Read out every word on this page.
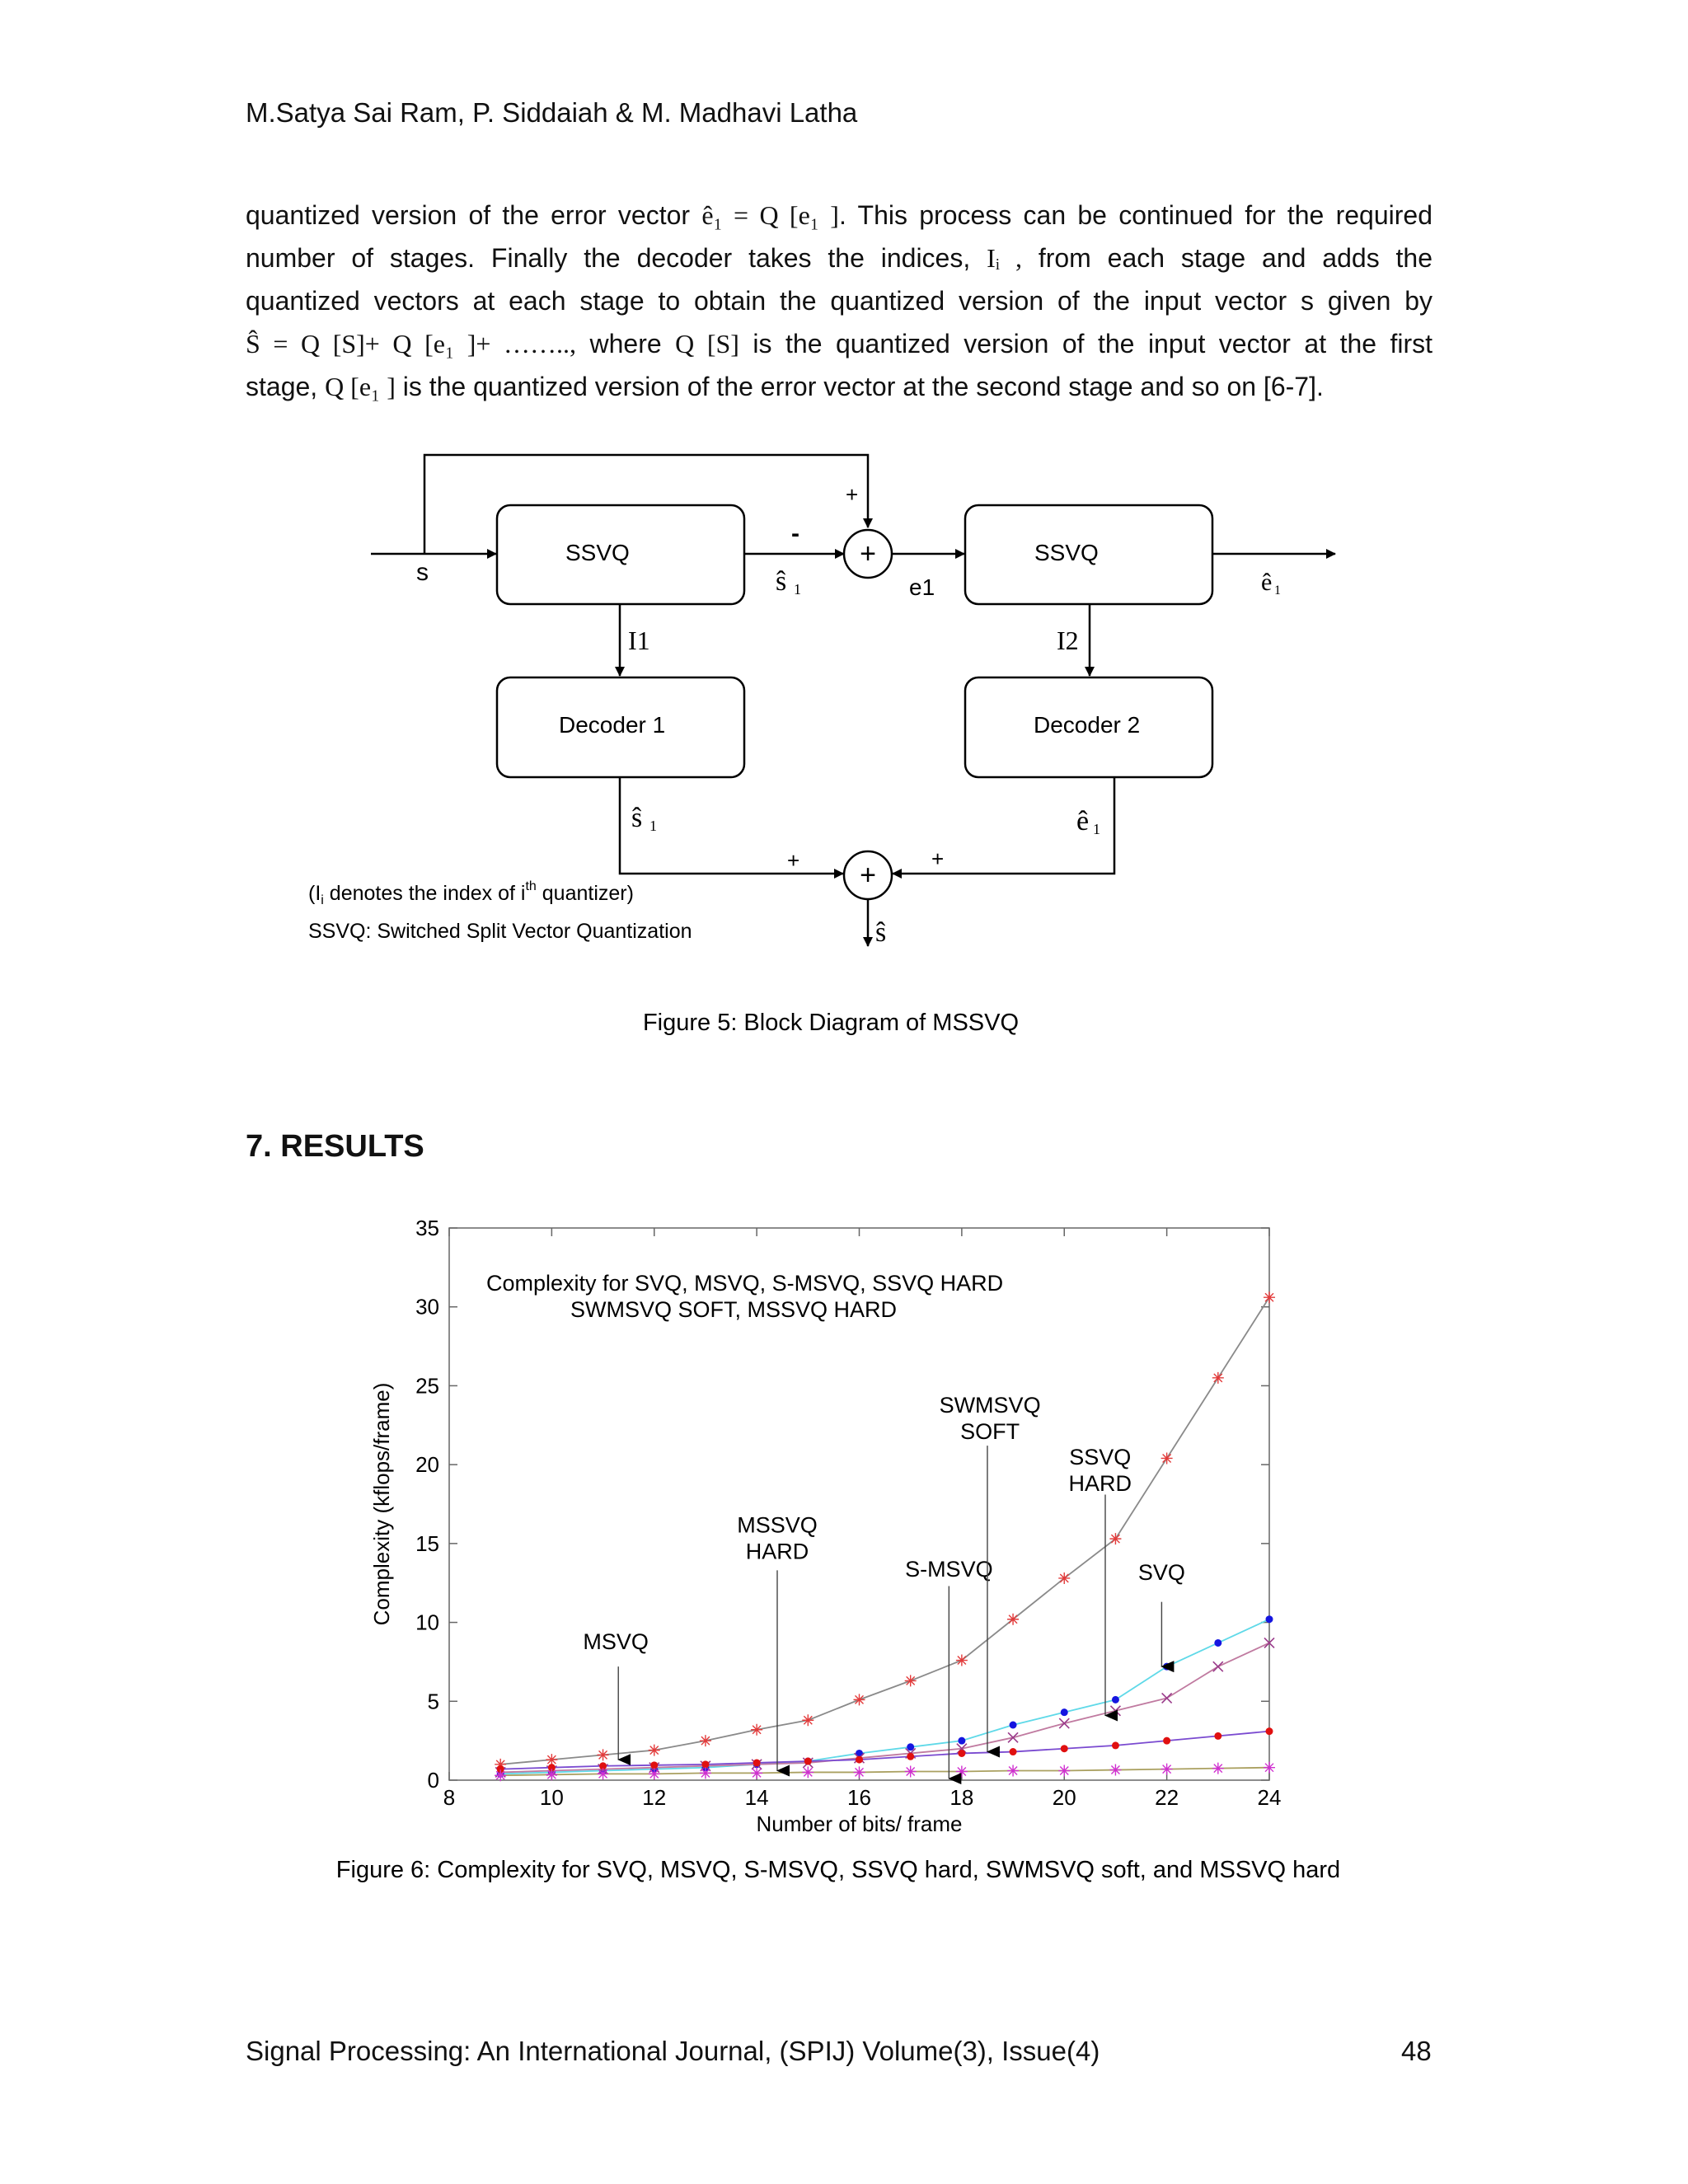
M.Satya Sai Ram, P. Siddaiah & M. Madhavi Latha
quantized version of the error vector ê₁ = Q [e₁ ]. This process can be continued for the required
number of stages. Finally the decoder takes the indices, Iᵢ , from each stage and adds the
quantized vectors at each stage to obtain the quantized version of the input vector s given by
Ŝ = Q [S]+ Q [e₁ ]+ …….., where Q [S] is the quantized version of the input vector at the first
stage, Q [e₁ ] is the quantized version of the error vector at the second stage and so on [6-7].
+
+
+
-
+	+
SSVQ	SSVQ
Decoder 1	Decoder 2
s	ŝ 1	e1	ê 1
I1	I2
ŝ 1	ê 1
ŝ
($I_i$ denotes the index of $i^{th}$ quantizer)
SSVQ: Switched Split Vector Quantization
Figure 5: Block Diagram of MSSVQ
7. RESULTS
8	10	12	14	16	18	20	22	24
0
5
10
15
20
25
30
35
MSVQ
MSSVQ
HARD
S-MSVQ
SWMSVQ
SOFT
SSVQ
HARD
SVQ
Complexity for SVQ, MSVQ, S-MSVQ, SSVQ HARD
SWMSVQ SOFT, MSSVQ HARD
Number of bits/ frame
Complexity (kflops/frame)
Figure 6: Complexity for SVQ, MSVQ, S-MSVQ, SSVQ hard, SWMSVQ soft, and MSSVQ hard
Signal Processing: An International Journal, (SPIJ) Volume(3), Issue(4)	48
